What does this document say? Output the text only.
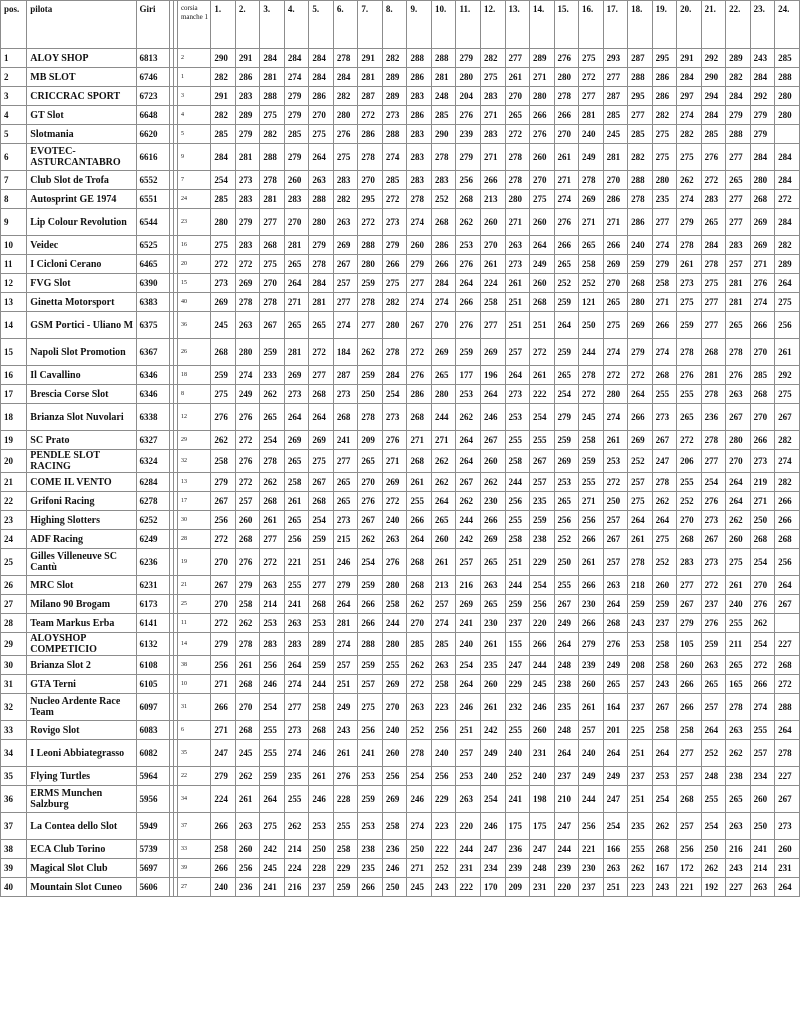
pos.	pilota	Giri			corsia manche 1	1.	2.	3.	4.	5.	6.	7.	8.	9.	10.	11.	12.	13.	14.	15.	16.	17.	18.	19.	20.	21.	22.	23.	24.
1	ALOY SHOP	6813			2	290	291	284	284	284	278	291	282	288	288	279	282	277	289	276	275	293	287	295	291	292	289	243	285
2	MB SLOT	6746			1	282	286	281	274	284	284	281	289	286	281	280	275	261	271	280	272	277	288	286	284	290	282	284	288
3	CRICCRAC SPORT	6723			3	291	283	288	279	286	282	287	289	283	248	204	283	270	280	278	277	287	295	286	297	294	284	292	280
4	GT Slot	6648			4	282	289	275	279	270	280	272	273	286	285	276	271	265	266	266	281	285	277	282	274	284	279	279	280
5	Slotmania	6620			5	285	279	282	285	275	276	286	288	283	290	239	283	272	276	270	240	245	285	275	282	285	288	279	
6	EVOTEC-ASTURCANTABRO	6616			9	284	281	288	279	264	275	278	274	283	278	279	271	278	260	261	249	281	282	275	275	276	277	284	284
7	Club Slot de Trofa	6552			7	254	273	278	260	263	283	270	285	283	283	256	266	278	270	271	278	270	288	280	262	272	265	280	284
8	Autosprint GE 1974	6551			24	285	283	281	283	288	282	295	272	278	252	268	213	280	275	274	269	286	278	235	274	283	277	268	272
9	Lip Colour Revolution	6544			23	280	279	277	270	280	263	272	273	274	268	262	260	271	260	276	271	271	286	277	279	265	277	269	284
10	Veidec	6525			16	275	283	268	281	279	269	288	279	260	286	253	270	263	264	266	265	266	240	274	278	284	283	269	282
11	I Cicloni Cerano	6465			20	272	272	275	265	278	267	280	266	279	266	276	261	273	249	265	258	269	259	279	261	278	257	271	289
12	FVG Slot	6390			15	273	269	270	264	284	257	259	275	277	284	264	224	261	260	252	252	270	268	258	273	275	281	276	264
13	Ginetta Motorsport	6383			40	269	278	278	271	281	277	278	282	274	274	266	258	251	268	259	121	265	280	271	275	277	281	274	275
14	GSM Portici - Uliano M	6375			36	245	263	267	265	265	274	277	280	267	270	276	277	251	251	264	250	275	269	266	259	277	265	266	256
15	Napoli Slot Promotion	6367			26	268	280	259	281	272	184	262	278	272	269	259	269	257	272	259	244	274	279	274	278	268	278	270	261
16	Il Cavallino	6346			18	259	274	233	269	277	287	259	284	276	265	177	196	264	261	265	278	272	272	268	276	281	276	285	292
17	Brescia Corse Slot	6346			8	275	249	262	273	268	273	250	254	286	280	253	264	273	222	254	272	280	264	255	255	278	263	268	275
18	Brianza Slot Nuvolari	6338			12	276	276	265	264	264	268	278	273	268	244	262	246	253	254	279	245	274	266	273	265	236	267	270	267
19	SC Prato	6327			29	262	272	254	269	269	241	209	276	271	271	264	267	255	255	259	258	261	269	267	272	278	280	266	282
20	PENDLE SLOT RACING	6324			32	258	276	278	265	275	277	265	271	268	262	264	260	258	267	269	259	253	252	247	206	277	270	273	274
21	COME IL VENTO	6284			13	279	272	262	258	267	265	270	269	261	262	267	262	244	257	253	255	272	257	278	255	254	264	219	282
22	Grifoni Racing	6278			17	267	257	268	261	268	265	276	272	255	264	262	230	256	235	265	271	250	275	262	252	276	264	271	266
23	Highing Slotters	6252			30	256	260	261	265	254	273	267	240	266	265	244	266	255	259	256	256	257	264	264	270	273	262	250	266
24	ADF Racing	6249			28	272	268	277	256	259	215	262	263	264	260	242	269	258	238	252	266	267	261	275	268	267	260	268	268
25	Gilles Villeneuve SC Cantù	6236			19	270	276	272	221	251	246	254	276	268	261	257	265	251	229	250	261	257	278	252	283	273	275	254	256
26	MRC Slot	6231			21	267	279	263	255	277	279	259	280	268	213	216	263	244	254	255	266	263	218	260	277	272	261	270	264
27	Milano 90 Brogam	6173			25	270	258	214	241	268	264	266	258	262	257	269	265	259	256	267	230	264	259	259	267	237	240	276	267
28	Team Markus Erba	6141			11	272	262	253	263	253	281	266	244	270	274	241	230	237	220	249	266	268	243	237	279	276	255	262	
29	ALOYSHOP COMPETICIO	6132			14	279	278	283	283	289	274	288	280	285	285	240	261	155	266	264	279	276	253	258	105	259	211	254	227
30	Brianza Slot 2	6108			38	256	261	256	264	259	257	259	255	262	263	254	235	247	244	248	239	249	208	258	260	263	265	272	268
31	GTA Terni	6105			10	271	268	246	274	244	251	257	269	272	258	264	260	229	245	238	260	265	257	243	266	265	165	266	272
32	Nucleo Ardente Race Team	6097			31	266	270	254	277	258	249	275	270	263	223	246	261	232	246	235	261	164	237	267	266	257	278	274	288
33	Rovigo Slot	6083			6	271	268	255	273	268	243	256	240	252	256	251	242	255	260	248	257	201	225	258	258	264	263	255	264
34	I Leoni Abbiategrasso	6082			35	247	245	255	274	246	261	241	260	278	240	257	249	240	231	264	240	264	251	264	277	252	262	257	278
35	Flying Turtles	5964			22	279	262	259	235	261	276	253	256	254	256	253	240	252	240	237	249	249	237	253	257	248	238	234	227
36	ERMS Munchen Salzburg	5956			34	224	261	264	255	246	228	259	269	246	229	263	254	241	198	210	244	247	251	254	268	255	265	260	267
37	La Contea dello Slot	5949			37	266	263	275	262	253	255	253	258	274	223	220	246	175	175	247	256	254	235	262	257	254	263	250	273
38	ECA Club Torino	5739			33	258	260	242	214	250	258	238	236	250	222	244	247	236	247	244	221	166	255	268	256	250	216	241	260
39	Magical Slot Club	5697			39	266	256	245	224	228	229	235	246	271	252	231	234	239	248	239	230	263	262	167	172	262	243	214	231
40	Mountain Slot Cuneo	5606			27	240	236	241	216	237	259	266	250	245	243	222	170	209	231	220	237	251	223	243	221	192	227	263	264
